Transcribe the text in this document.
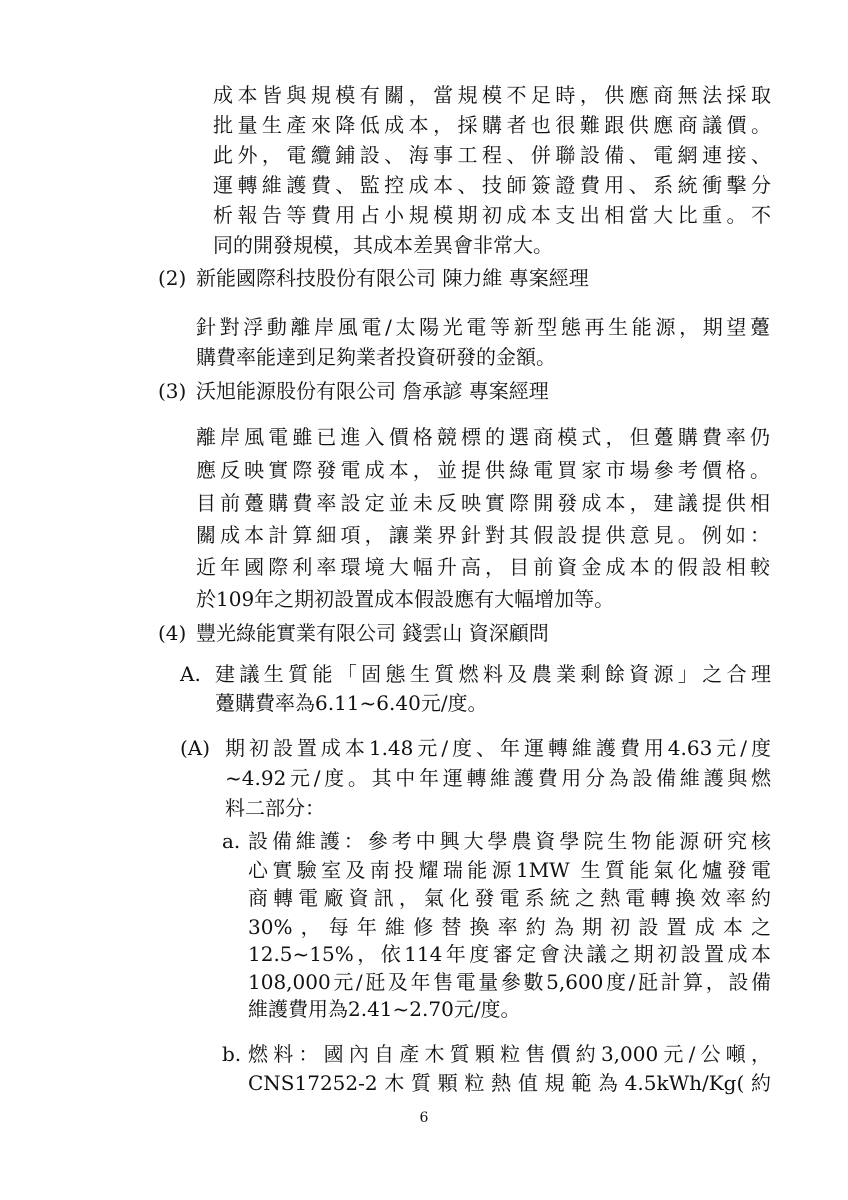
成本皆與規模有關，當規模不足時，供應商無法採取

批量生產來降低成本，採購者也很難跟供應商議價。

此外，電纜鋪設、海事工程、併聯設備、電網連接、

運轉維護費、監控成本、技師簽證費用、系統衝擊分

析報告等費用占小規模期初成本支出相當大比重。不

同的開發規模，其成本差異會非常大。

(2) 新能國際科技股份有限公司 陳力維 專案經理

針對浮動離岸風電/太陽光電等新型態再生能源，期望躉

購費率能達到足夠業者投資研發的金額。

(3) 沃旭能源股份有限公司 詹承諺 專案經理

離岸風電雖已進入價格競標的選商模式，但躉購費率仍

應反映實際發電成本，並提供綠電買家市場參考價格。

目前躉購費率設定並未反映實際開發成本，建議提供相

關成本計算細項，讓業界針對其假設提供意見。例如：

近年國際利率環境大幅升高，目前資金成本的假設相較

於109年之期初設置成本假設應有大幅增加等。

(4) 豐光綠能實業有限公司 錢雲山 資深顧問

A. 建議生質能「固態生質燃料及農業剩餘資源」之合理

躉購費率為6.11~6.40元/度。

(A) 期初設置成本1.48元/度、年運轉維護費用4.63元/度

~4.92元/度。其中年運轉維護費用分為設備維護與燃

料二部分：

a. 設備維護：參考中興大學農資學院生物能源研究核

心實驗室及南投耀瑞能源1MW 生質能氣化爐發電

商轉電廠資訊，氣化發電系統之熱電轉換效率約

30%，每年維修替換率約為期初設置成本之

12.5~15%，依114年度審定會決議之期初設置成本

108,000元/瓩及年售電量參數5,600度/瓩計算，設備

維護費用為2.41~2.70元/度。

b. 燃料：國內自產木質顆粒售價約3,000元/公噸，

CNS17252-2木質顆粒熱值規範為4.5kWh/Kg(約

6
